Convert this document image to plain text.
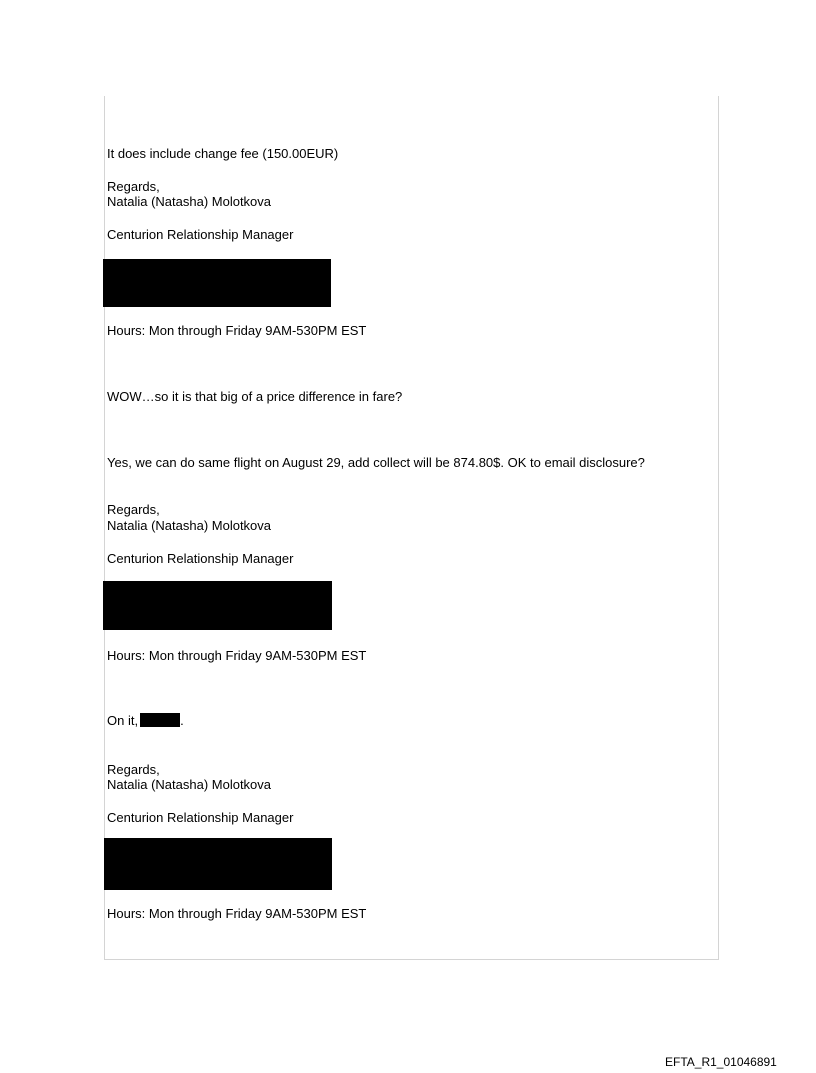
It does include change fee (150.00EUR)
Regards,
Natalia (Natasha) Molotkova
Centurion Relationship Manager
Hours: Mon through Friday 9AM-530PM EST
WOW…so it is that big of a price difference in fare?
Yes, we can do same flight on August 29, add collect will be 874.80$. OK to email disclosure?
Regards,
Natalia (Natasha) Molotkova
Centurion Relationship Manager
Hours: Mon through Friday 9AM-530PM EST
On it,	.
Regards,
Natalia (Natasha) Molotkova
Centurion Relationship Manager
Hours: Mon through Friday 9AM-530PM EST
EFTA_R1_01046891
